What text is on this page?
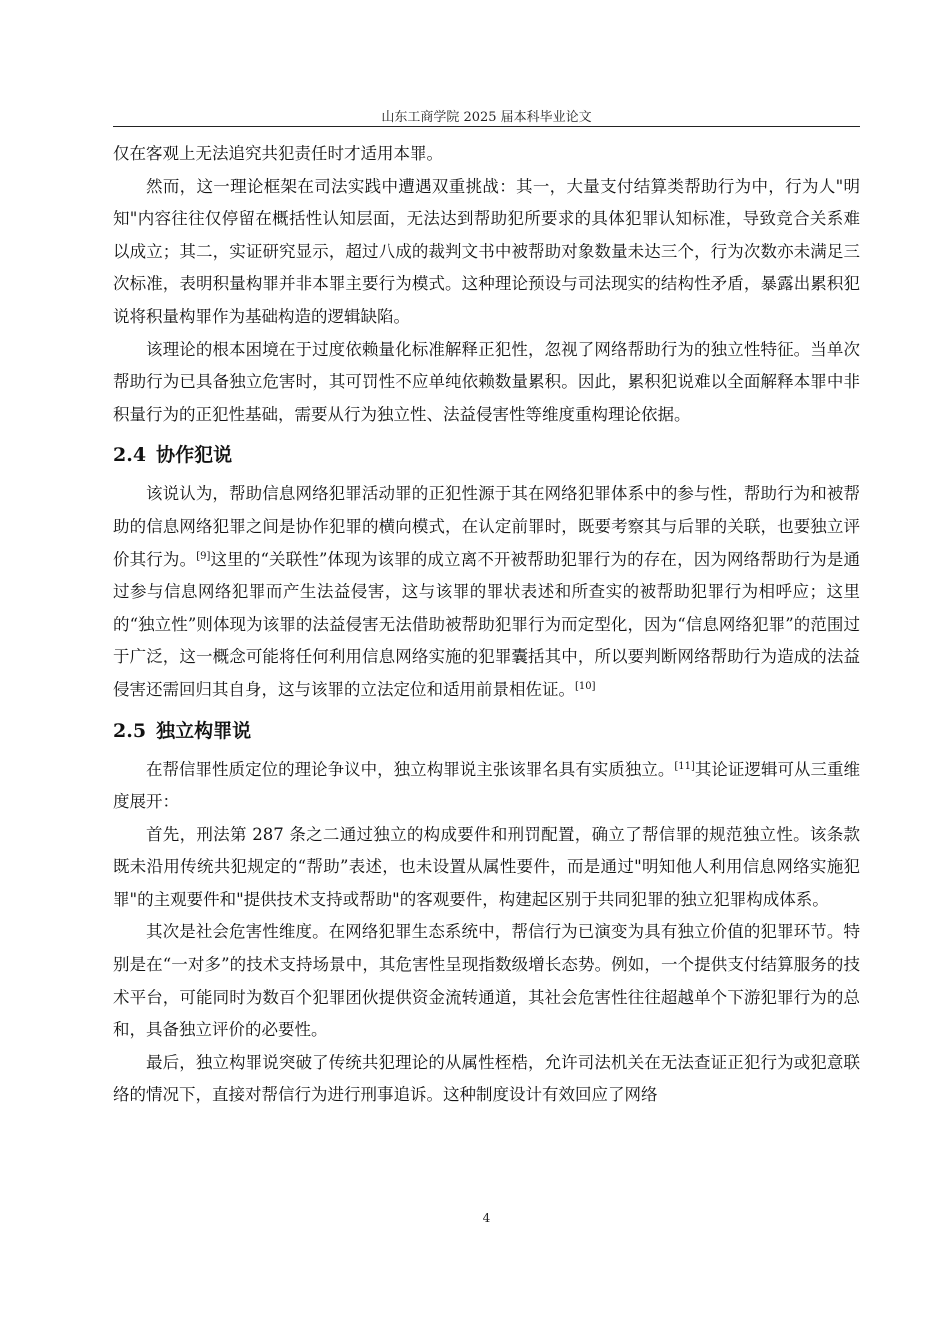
山东工商学院 2025 届本科毕业论文

仅在客观上无法追究共犯责任时才适用本罪。

然而，这一理论框架在司法实践中遭遇双重挑战：其一，大量支付结算类帮助行为中，行为人"明知"内容往往仅停留在概括性认知层面，无法达到帮助犯所要求的具体犯罪认知标准，导致竞合关系难以成立；其二，实证研究显示，超过八成的裁判文书中被帮助对象数量未达三个，行为次数亦未满足三次标准，表明积量构罪并非本罪主要行为模式。这种理论预设与司法现实的结构性矛盾，暴露出累积犯说将积量构罪作为基础构造的逻辑缺陷。

该理论的根本困境在于过度依赖量化标准解释正犯性，忽视了网络帮助行为的独立性特征。当单次帮助行为已具备独立危害时，其可罚性不应单纯依赖数量累积。因此，累积犯说难以全面解释本罪中非积量行为的正犯性基础，需要从行为独立性、法益侵害性等维度重构理论依据。

2.4 协作犯说

该说认为，帮助信息网络犯罪活动罪的正犯性源于其在网络犯罪体系中的参与性，帮助行为和被帮助的信息网络犯罪之间是协作犯罪的横向模式，在认定前罪时，既要考察其与后罪的关联，也要独立评价其行为。[9]这里的“关联性”体现为该罪的成立离不开被帮助犯罪行为的存在，因为网络帮助行为是通过参与信息网络犯罪而产生法益侵害，这与该罪的罪状表述和所查实的被帮助犯罪行为相呼应；这里的“独立性”则体现为该罪的法益侵害无法借助被帮助犯罪行为而定型化，因为“信息网络犯罪”的范围过于广泛，这一概念可能将任何利用信息网络实施的犯罪囊括其中，所以要判断网络帮助行为造成的法益侵害还需回归其自身，这与该罪的立法定位和适用前景相佐证。[10]

2.5 独立构罪说

在帮信罪性质定位的理论争议中，独立构罪说主张该罪名具有实质独立。[11]其论证逻辑可从三重维度展开：

首先，刑法第 287 条之二通过独立的构成要件和刑罚配置，确立了帮信罪的规范独立性。该条款既未沿用传统共犯规定的“帮助”表述，也未设置从属性要件，而是通过"明知他人利用信息网络实施犯罪"的主观要件和"提供技术支持或帮助"的客观要件，构建起区别于共同犯罪的独立犯罪构成体系。

其次是社会危害性维度。在网络犯罪生态系统中，帮信行为已演变为具有独立价值的犯罪环节。特别是在“一对多”的技术支持场景中，其危害性呈现指数级增长态势。例如，一个提供支付结算服务的技术平台，可能同时为数百个犯罪团伙提供资金流转通道，其社会危害性往往超越单个下游犯罪行为的总和，具备独立评价的必要性。

最后，独立构罪说突破了传统共犯理论的从属性桎梏，允许司法机关在无法查证正犯行为或犯意联络的情况下，直接对帮信行为进行刑事追诉。这种制度设计有效回应了网络

4
